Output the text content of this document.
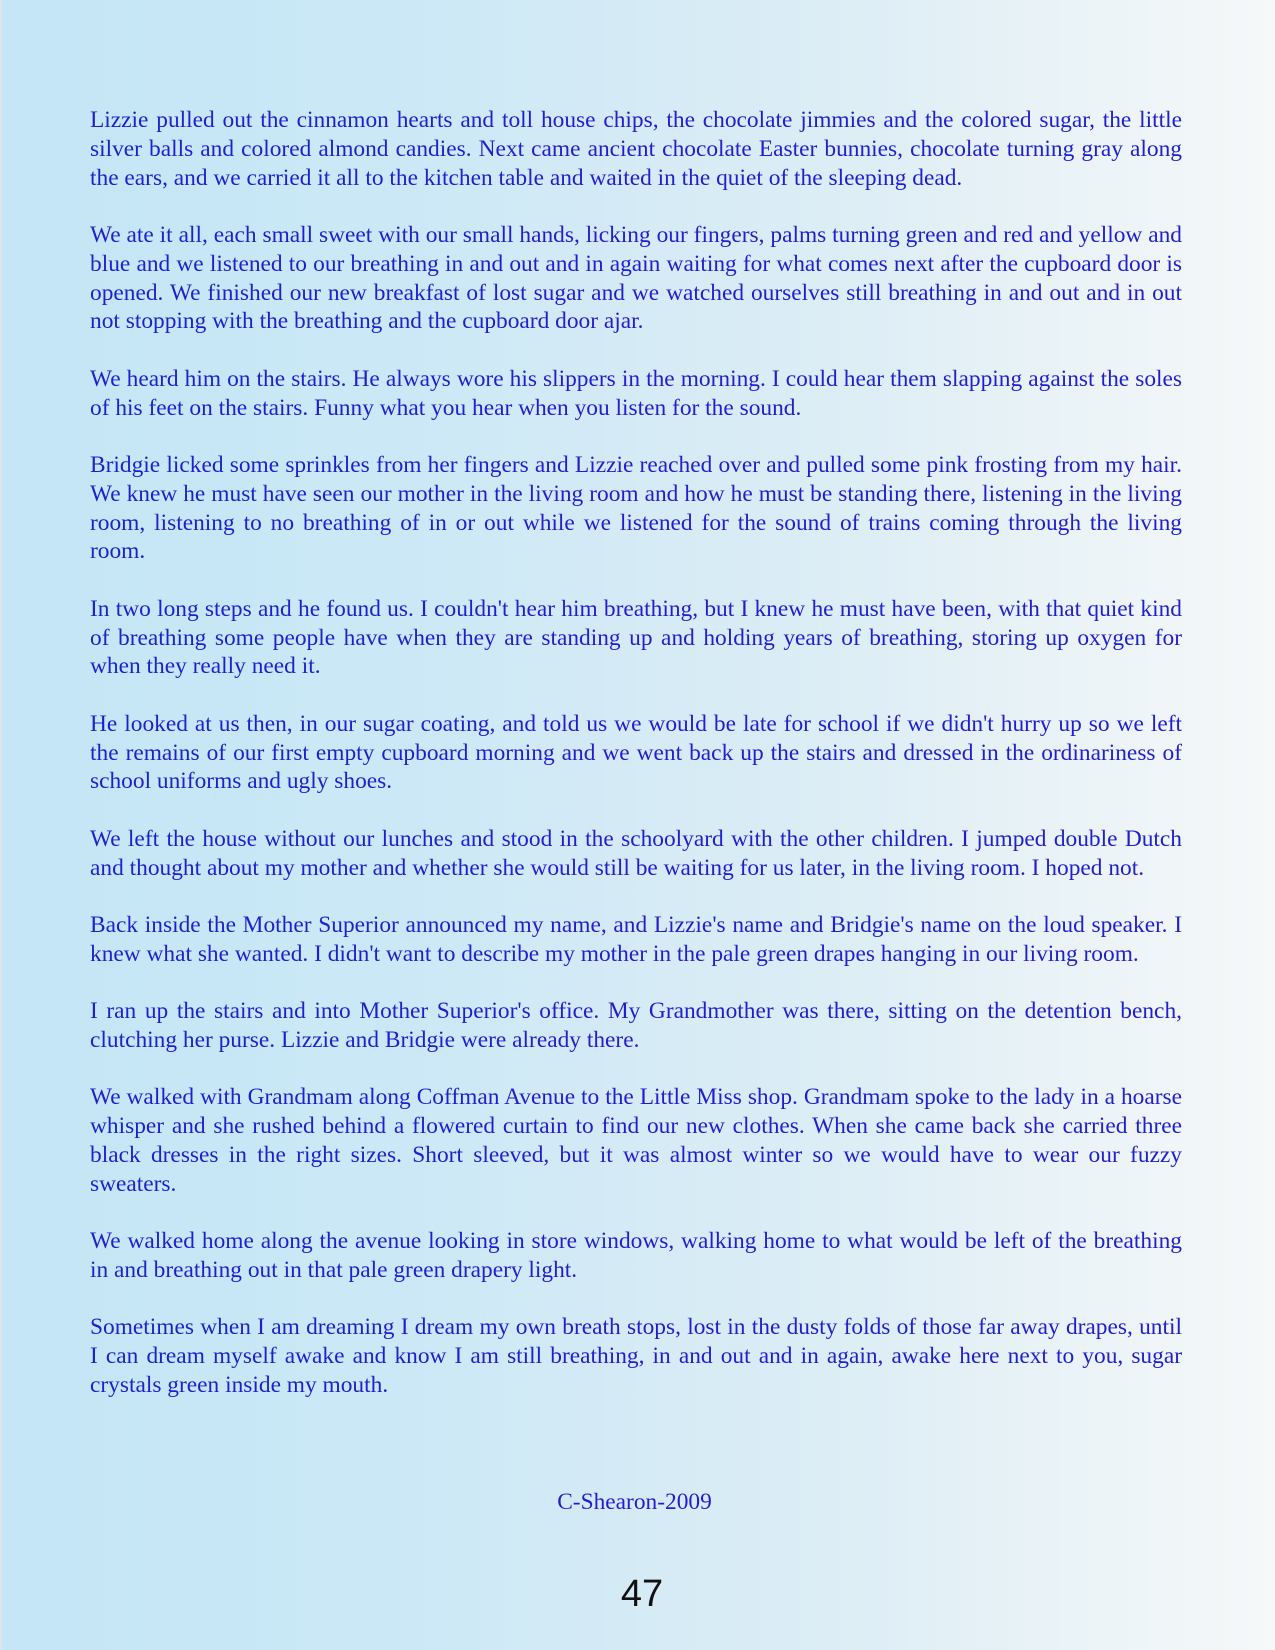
Lizzie pulled out the cinnamon hearts and toll house chips, the chocolate jimmies and the colored sugar, the little silver balls and colored almond candies. Next came ancient chocolate Easter bunnies, chocolate turning gray along the ears, and we carried it all to the kitchen table and waited in the quiet of the sleeping dead.

We ate it all, each small sweet with our small hands, licking our fingers, palms turning green and red and yellow and blue and we listened to our breathing in and out and in again waiting for what comes next after the cupboard door is opened. We finished our new breakfast of lost sugar and we watched ourselves still breathing in and out and in out not stopping with the breathing and the cupboard door ajar.

We heard him on the stairs. He always wore his slippers in the morning. I could hear them slapping against the soles of his feet on the stairs. Funny what you hear when you listen for the sound.

Bridgie licked some sprinkles from her fingers and Lizzie reached over and pulled some pink frosting from my hair. We knew he must have seen our mother in the living room and how he must be standing there, listening in the living room, listening to no breathing of in or out while we listened for the sound of trains coming through the living room.

In two long steps and he found us. I couldn't hear him breathing, but I knew he must have been, with that quiet kind of breathing some people have when they are standing up and holding years of breathing, storing up oxygen for when they really need it.

He looked at us then, in our sugar coating, and told us we would be late for school if we didn't hurry up so we left the remains of our first empty cupboard morning and we went back up the stairs and dressed in the ordinariness of school uniforms and ugly shoes.

We left the house without our lunches and stood in the schoolyard with the other children. I jumped double Dutch and thought about my mother and whether she would still be waiting for us later, in the living room. I hoped not.

Back inside the Mother Superior announced my name, and Lizzie's name and Bridgie's name on the loud speaker. I knew what she wanted. I didn't want to describe my mother in the pale green drapes hanging in our living room.

I ran up the stairs and into Mother Superior's office. My Grandmother was there, sitting on the detention bench, clutching her purse. Lizzie and Bridgie were already there.

We walked with Grandmam along Coffman Avenue to the Little Miss shop. Grandmam spoke to the lady in a hoarse whisper and she rushed behind a flowered curtain to find our new clothes. When she came back she carried three black dresses in the right sizes. Short sleeved, but it was almost winter so we would have to wear our fuzzy sweaters.

We walked home along the avenue looking in store windows, walking home to what would be left of the breathing in and breathing out in that pale green drapery light.

Sometimes when I am dreaming I dream my own breath stops, lost in the dusty folds of those far away drapes, until I can dream myself awake and know I am still breathing, in and out and in again, awake here next to you, sugar crystals green inside my mouth.

C-Shearon-2009
47
